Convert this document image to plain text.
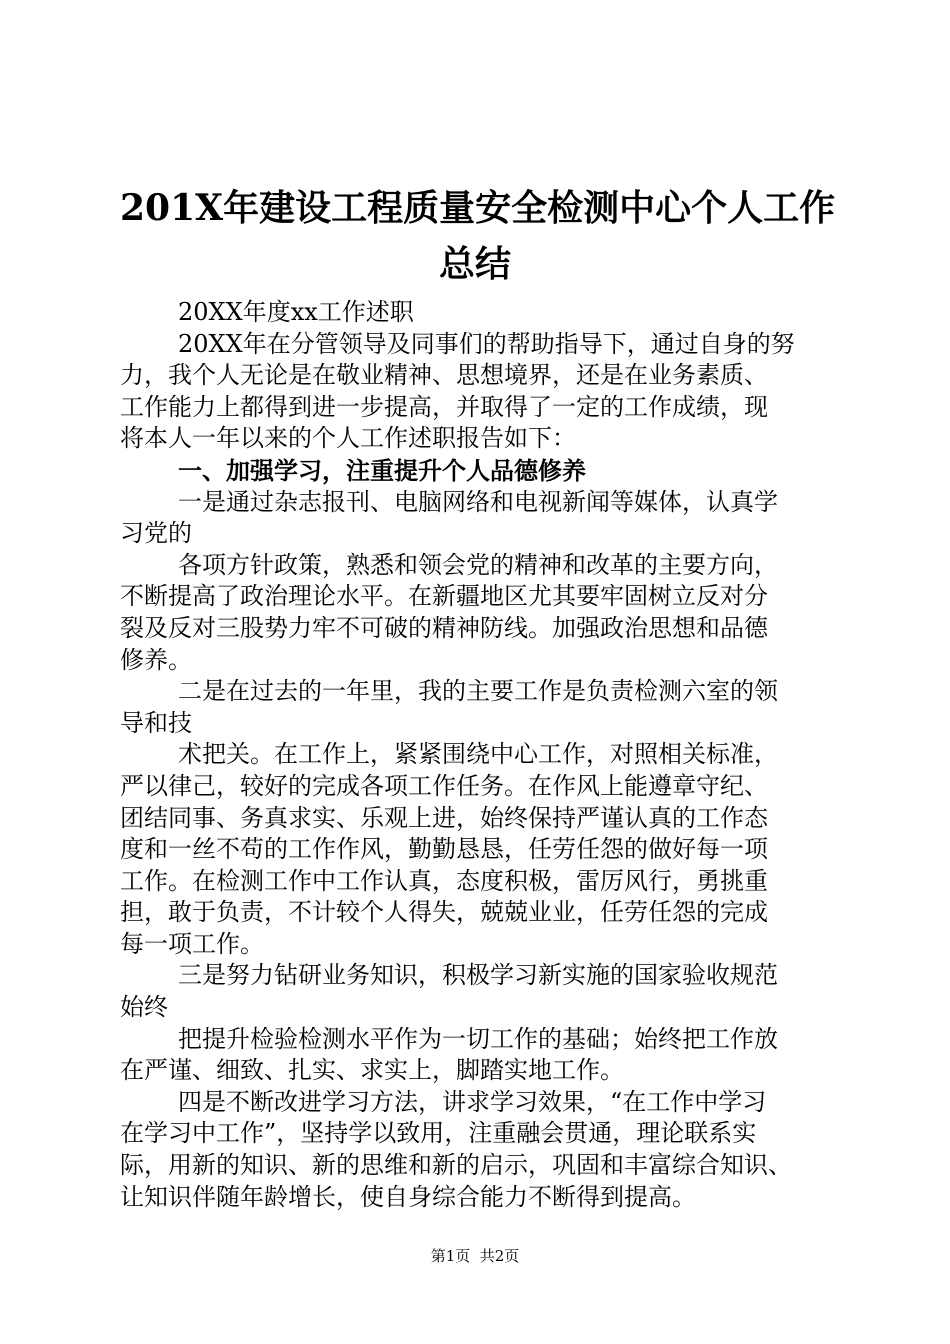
201X年建设工程质量安全检测中心个人工作
总结
20XX年度xx工作述职
20XX年在分管领导及同事们的帮助指导下，通过自身的努
力，我个人无论是在敬业精神、思想境界，还是在业务素质、
工作能力上都得到进一步提高，并取得了一定的工作成绩，现
将本人一年以来的个人工作述职报告如下：
一、加强学习，注重提升个人品德修养
一是通过杂志报刊、电脑网络和电视新闻等媒体，认真学
习党的
各项方针政策，熟悉和领会党的精神和改革的主要方向，
不断提高了政治理论水平。在新疆地区尤其要牢固树立反对分
裂及反对三股势力牢不可破的精神防线。加强政治思想和品德
修养。
二是在过去的一年里，我的主要工作是负责检测六室的领
导和技
术把关。在工作上，紧紧围绕中心工作，对照相关标准，
严以律己，较好的完成各项工作任务。在作风上能遵章守纪、
团结同事、务真求实、乐观上进，始终保持严谨认真的工作态
度和一丝不苟的工作作风，勤勤恳恳，任劳任怨的做好每一项
工作。在检测工作中工作认真，态度积极，雷厉风行，勇挑重
担，敢于负责，不计较个人得失，兢兢业业，任劳任怨的完成
每一项工作。
三是努力钻研业务知识，积极学习新实施的国家验收规范
始终
把提升检验检测水平作为一切工作的基础；始终把工作放
在严谨、细致、扎实、求实上，脚踏实地工作。
四是不断改进学习方法，讲求学习效果，“在工作中学习
在学习中工作”，坚持学以致用，注重融会贯通，理论联系实
际，用新的知识、新的思维和新的启示，巩固和丰富综合知识、
让知识伴随年龄增长，使自身综合能力不断得到提高。
第1页  共2页
